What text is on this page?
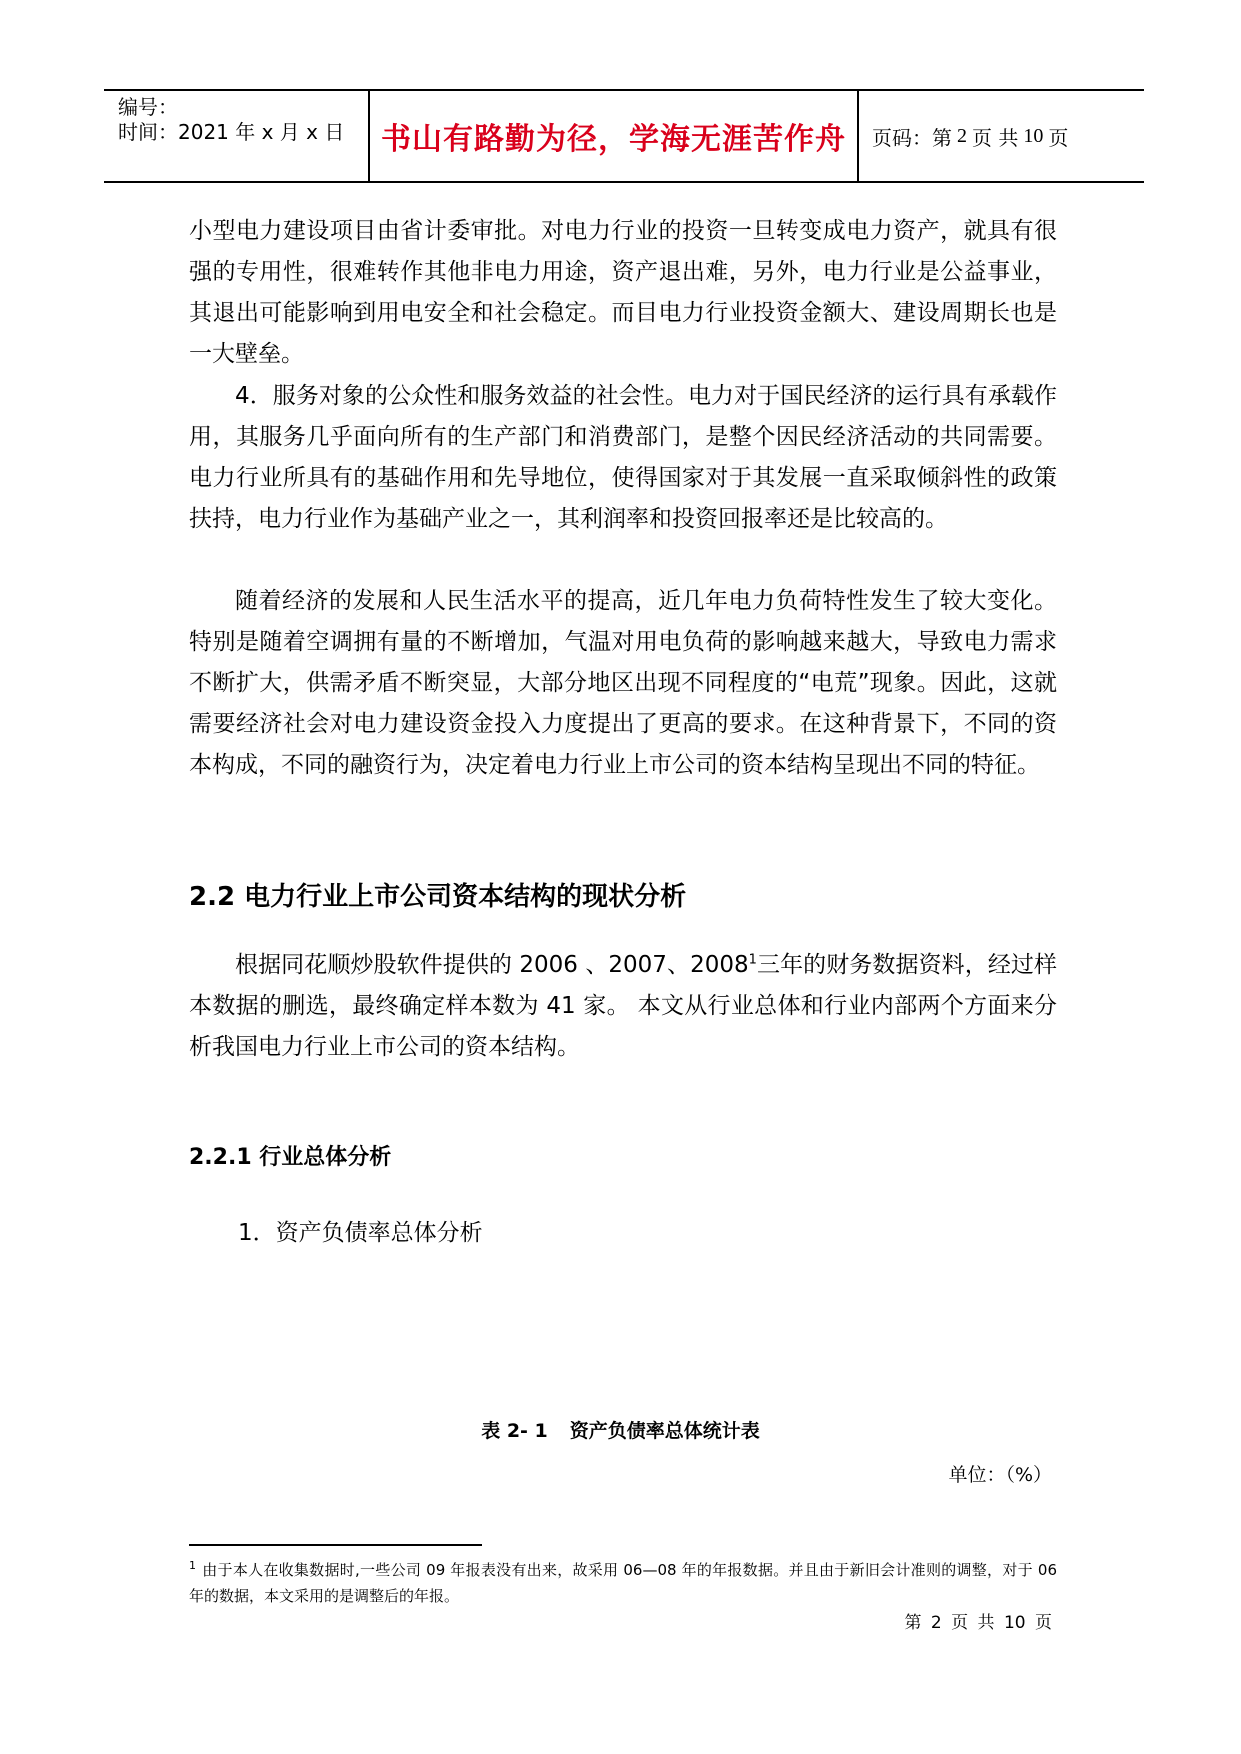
编号：
时间：2021 年 x 月 x 日	书山有路勤为径，学海无涯苦作舟	页码：第 2 页 共 10 页

小型电力建设项目由省计委审批。对电力行业的投资一旦转变成电力资产，就具有很强的专用性，很难转作其他非电力用途，资产退出难，另外，电力行业是公益事业，其退出可能影响到用电安全和社会稳定。而目电力行业投资金额大、建设周期长也是一大壁垒。

4．服务对象的公众性和服务效益的社会性。电力对于国民经济的运行具有承载作用，其服务几乎面向所有的生产部门和消费部门，是整个因民经济活动的共同需要。电力行业所具有的基础作用和先导地位，使得国家对于其发展一直采取倾斜性的政策扶持，电力行业作为基础产业之一，其利润率和投资回报率还是比较高的。

随着经济的发展和人民生活水平的提高，近几年电力负荷特性发生了较大变化。特别是随着空调拥有量的不断增加，气温对用电负荷的影响越来越大，导致电力需求不断扩大，供需矛盾不断突显，大部分地区出现不同程度的“电荒”现象。因此，这就需要经济社会对电力建设资金投入力度提出了更高的要求。在这种背景下，不同的资本构成，不同的融资行为，决定着电力行业上市公司的资本结构呈现出不同的特征。

2.2 电力行业上市公司资本结构的现状分析

根据同花顺炒股软件提供的 2006 、2007、2008$^1$三年的财务数据资料，经过样本数据的删选，最终确定样本数为 41 家。 本文从行业总体和行业内部两个方面来分析我国电力行业上市公司的资本结构。

2.2.1 行业总体分析
1．资产负债率总体分析
表 2- 1 资产负债率总体统计表
单位：（%）
$^1$ 由于本人在收集数据时,一些公司 09 年报表没有出来，故采用 06—08 年的年报数据。并且由于新旧会计准则的调整，对于 06 年的数据，本文采用的是调整后的年报。
第 2 页 共 10 页
